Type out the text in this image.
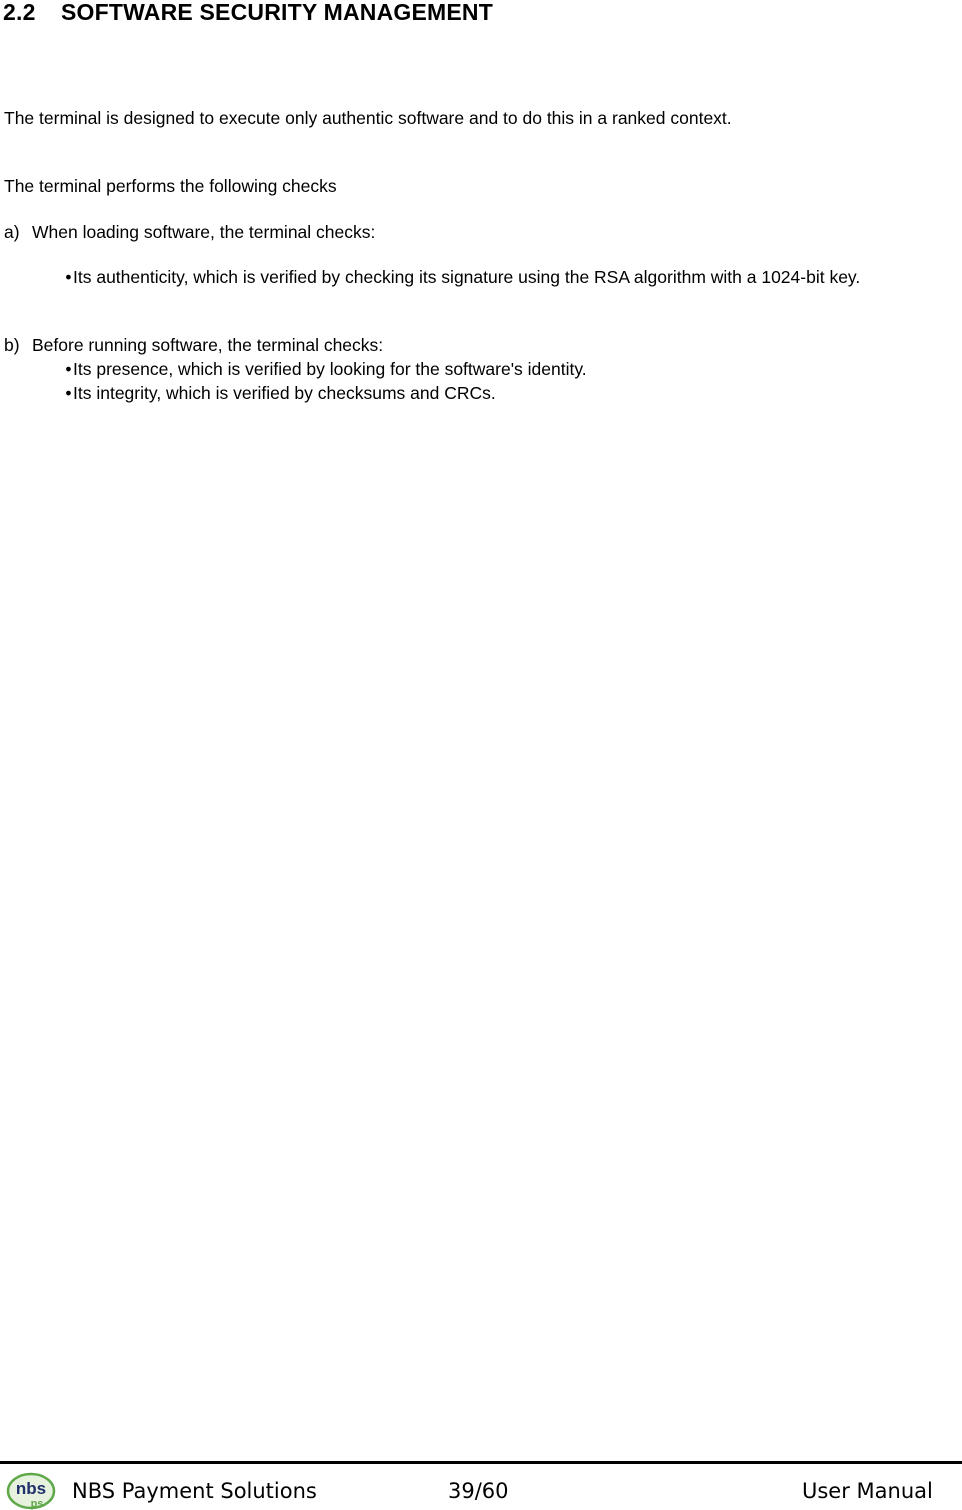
2.2 SOFTWARE SECURITY MANAGEMENT
The terminal is designed to execute only authentic software and to do this in a ranked context.
The terminal performs the following checks
a) When loading software, the terminal checks:
• Its authenticity, which is verified by checking its signature using the RSA algorithm with a 1024-bit key.
b) Before running software, the terminal checks:
• Its presence, which is verified by looking for the software's identity.
• Its integrity, which is verified by checksums and CRCs.
nbs
ps
NBS Payment Solutions	39/60	User Manual
